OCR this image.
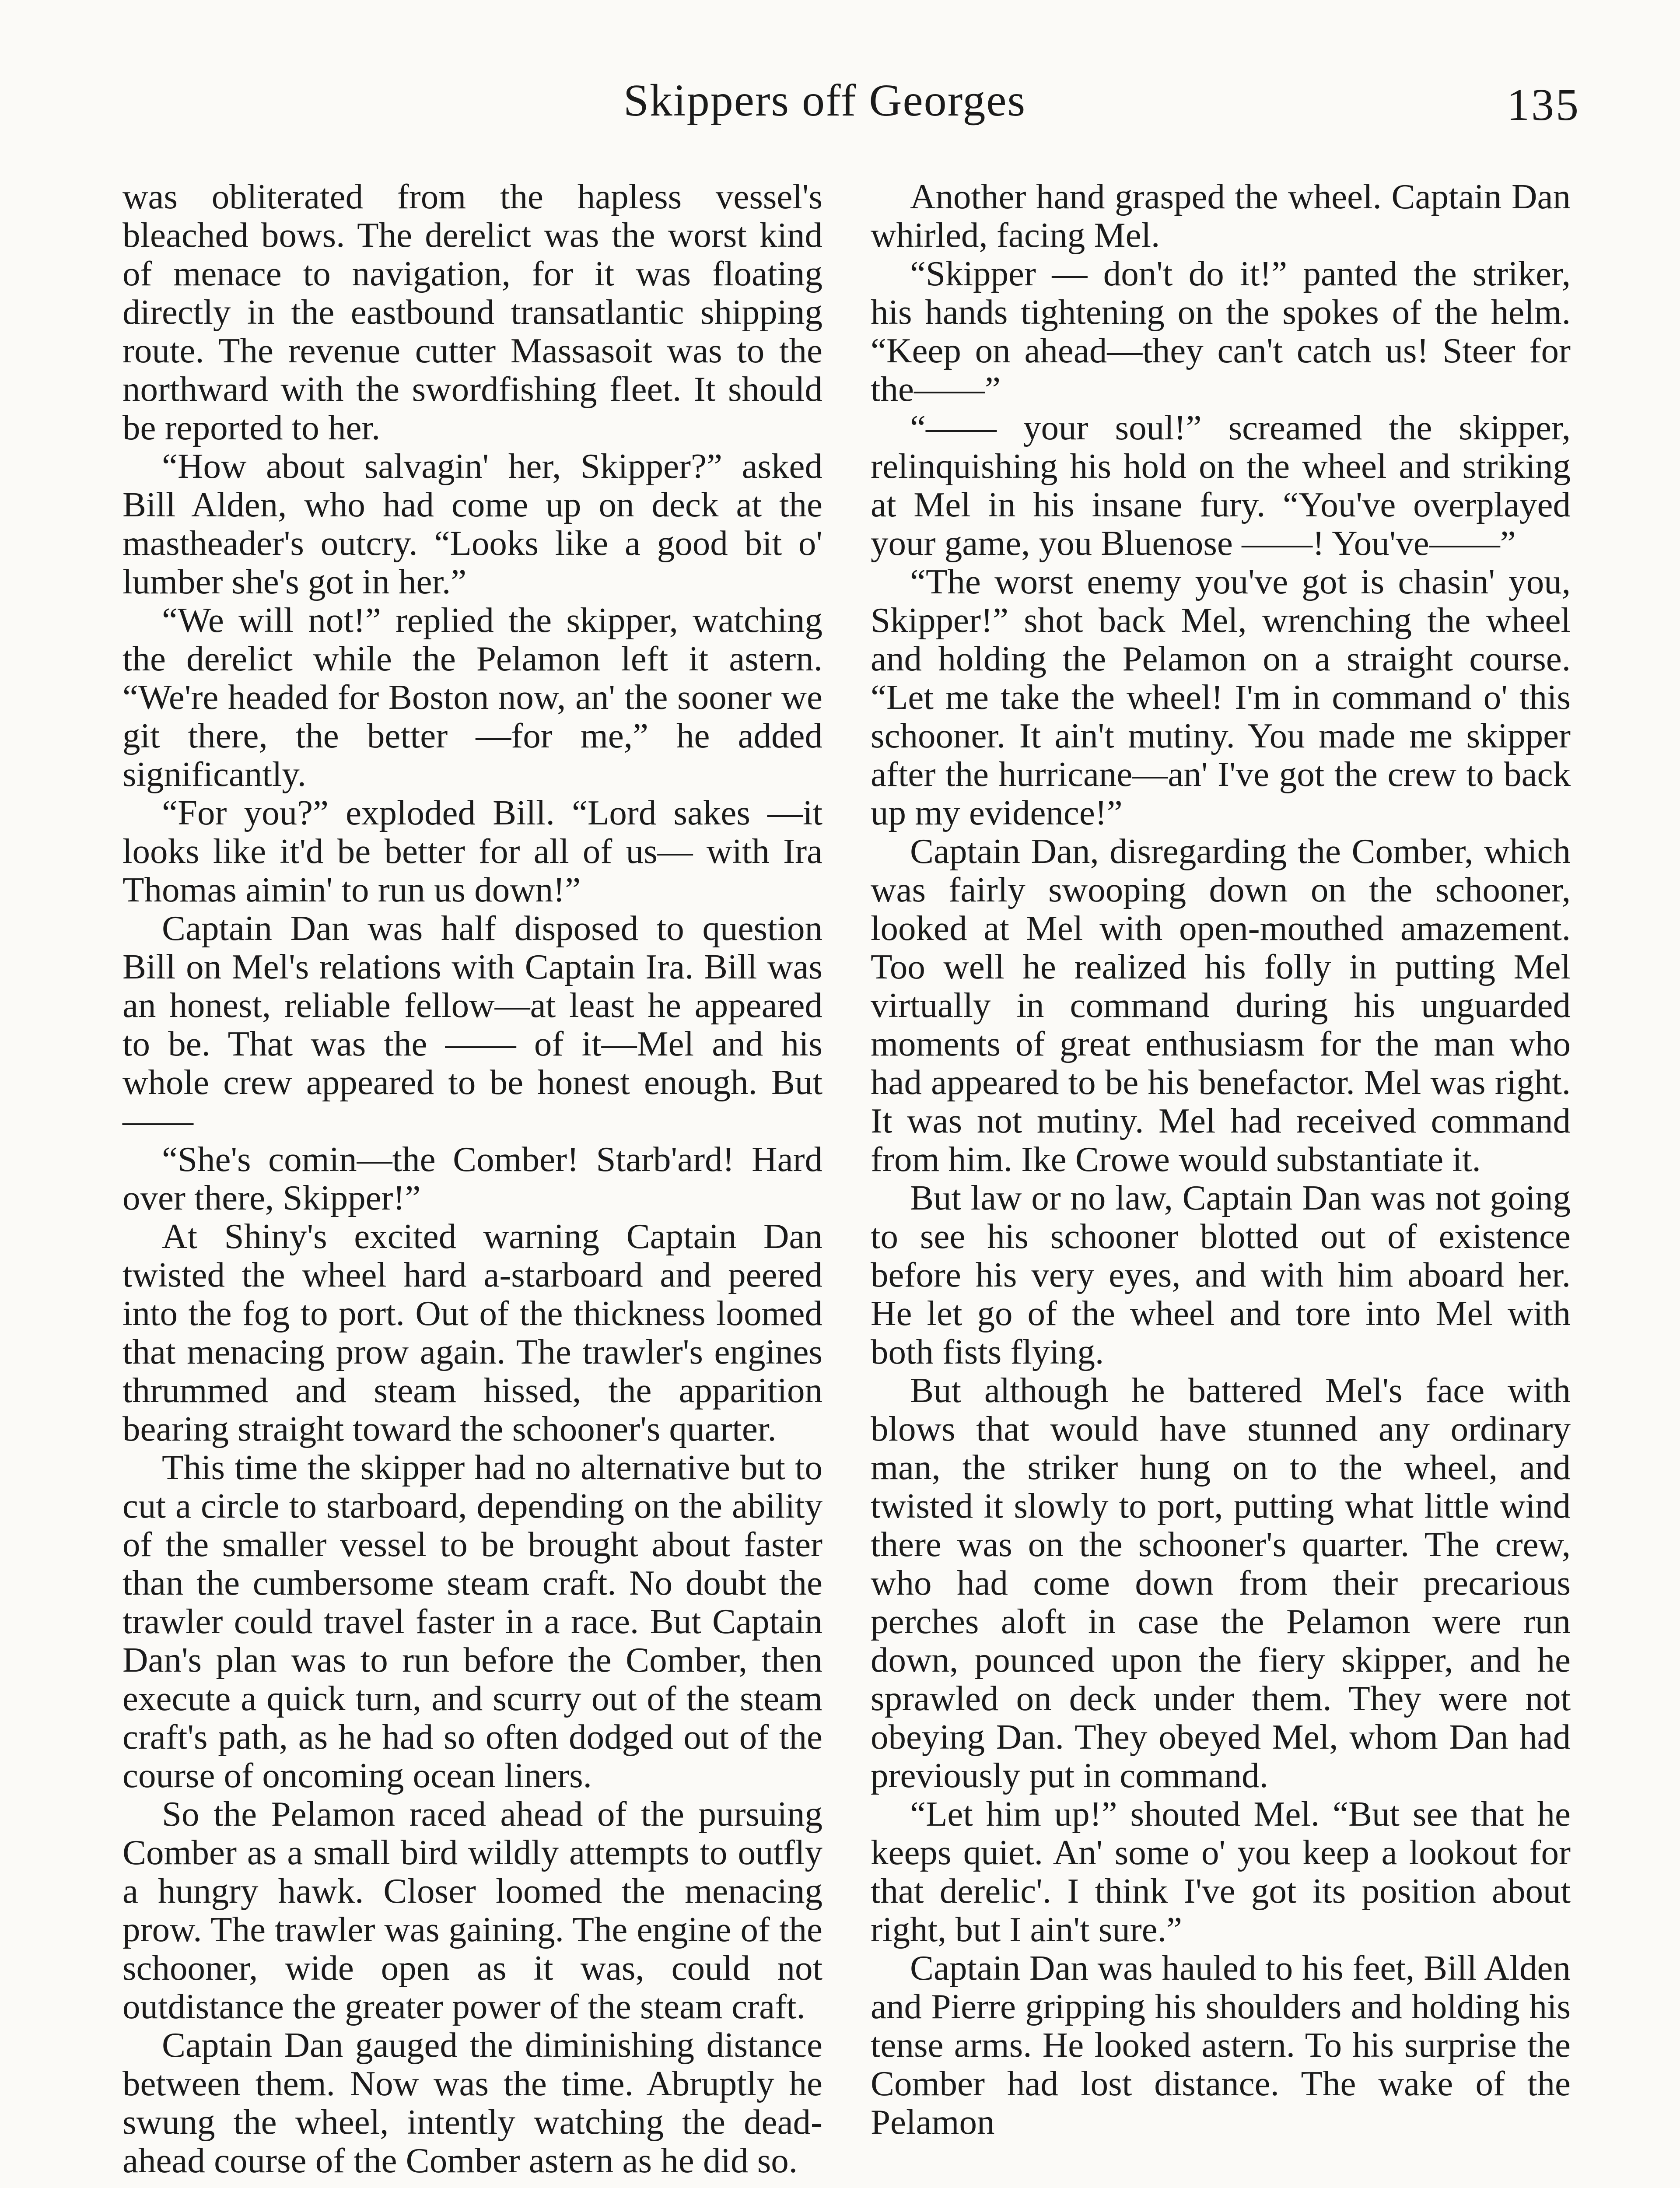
Skippers off Georges	135

was obliterated from the hapless vessel's bleached bows. The derelict was the worst kind of menace to navigation, for it was floating directly in the eastbound transatlantic shipping route. The revenue cutter Massasoit was to the northward with the swordfishing fleet. It should be reported to her.

“How about salvagin' her, Skipper?” asked Bill Alden, who had come up on deck at the mastheader's outcry. “Looks like a good bit o' lumber she's got in her.”

“We will not!” replied the skipper, watching the derelict while the Pelamon left it astern. “We're headed for Boston now, an' the sooner we git there, the better —for me,” he added significantly.

“For you?” exploded Bill. “Lord sakes —it looks like it'd be better for all of us— with Ira Thomas aimin' to run us down!”

Captain Dan was half disposed to question Bill on Mel's relations with Captain Ira. Bill was an honest, reliable fellow—at least he appeared to be. That was the —— of it—Mel and his whole crew appeared to be honest enough. But——

“She's comin—the Comber! Starb'ard! Hard over there, Skipper!”

At Shiny's excited warning Captain Dan twisted the wheel hard a-starboard and peered into the fog to port. Out of the thickness loomed that menacing prow again. The trawler's engines thrummed and steam hissed, the apparition bearing straight toward the schooner's quarter.

This time the skipper had no alternative but to cut a circle to starboard, depending on the ability of the smaller vessel to be brought about faster than the cumbersome steam craft. No doubt the trawler could travel faster in a race. But Captain Dan's plan was to run before the Comber, then execute a quick turn, and scurry out of the steam craft's path, as he had so often dodged out of the course of oncoming ocean liners.

So the Pelamon raced ahead of the pursuing Comber as a small bird wildly attempts to outfly a hungry hawk. Closer loomed the menacing prow. The trawler was gaining. The engine of the schooner, wide open as it was, could not outdistance the greater power of the steam craft.

Captain Dan gauged the diminishing distance between them. Now was the time. Abruptly he swung the wheel, intently watching the dead-ahead course of the Comber astern as he did so.

Another hand grasped the wheel. Captain Dan whirled, facing Mel.

“Skipper — don't do it!” panted the striker, his hands tightening on the spokes of the helm. “Keep on ahead—they can't catch us! Steer for the——”

“—— your soul!” screamed the skipper, relinquishing his hold on the wheel and striking at Mel in his insane fury. “You've overplayed your game, you Bluenose ——! You've——”

“The worst enemy you've got is chasin' you, Skipper!” shot back Mel, wrenching the wheel and holding the Pelamon on a straight course. “Let me take the wheel! I'm in command o' this schooner. It ain't mutiny. You made me skipper after the hurricane—an' I've got the crew to back up my evidence!”

Captain Dan, disregarding the Comber, which was fairly swooping down on the schooner, looked at Mel with open-mouthed amazement. Too well he realized his folly in putting Mel virtually in command during his unguarded moments of great enthusiasm for the man who had appeared to be his benefactor. Mel was right. It was not mutiny. Mel had received command from him. Ike Crowe would substantiate it.

But law or no law, Captain Dan was not going to see his schooner blotted out of existence before his very eyes, and with him aboard her. He let go of the wheel and tore into Mel with both fists flying.

But although he battered Mel's face with blows that would have stunned any ordinary man, the striker hung on to the wheel, and twisted it slowly to port, putting what little wind there was on the schooner's quarter. The crew, who had come down from their precarious perches aloft in case the Pelamon were run down, pounced upon the fiery skipper, and he sprawled on deck under them. They were not obeying Dan. They obeyed Mel, whom Dan had previously put in command.

“Let him up!” shouted Mel. “But see that he keeps quiet. An' some o' you keep a lookout for that derelic'. I think I've got its position about right, but I ain't sure.”

Captain Dan was hauled to his feet, Bill Alden and Pierre gripping his shoulders and holding his tense arms. He looked astern. To his surprise the Comber had lost distance. The wake of the Pelamon
